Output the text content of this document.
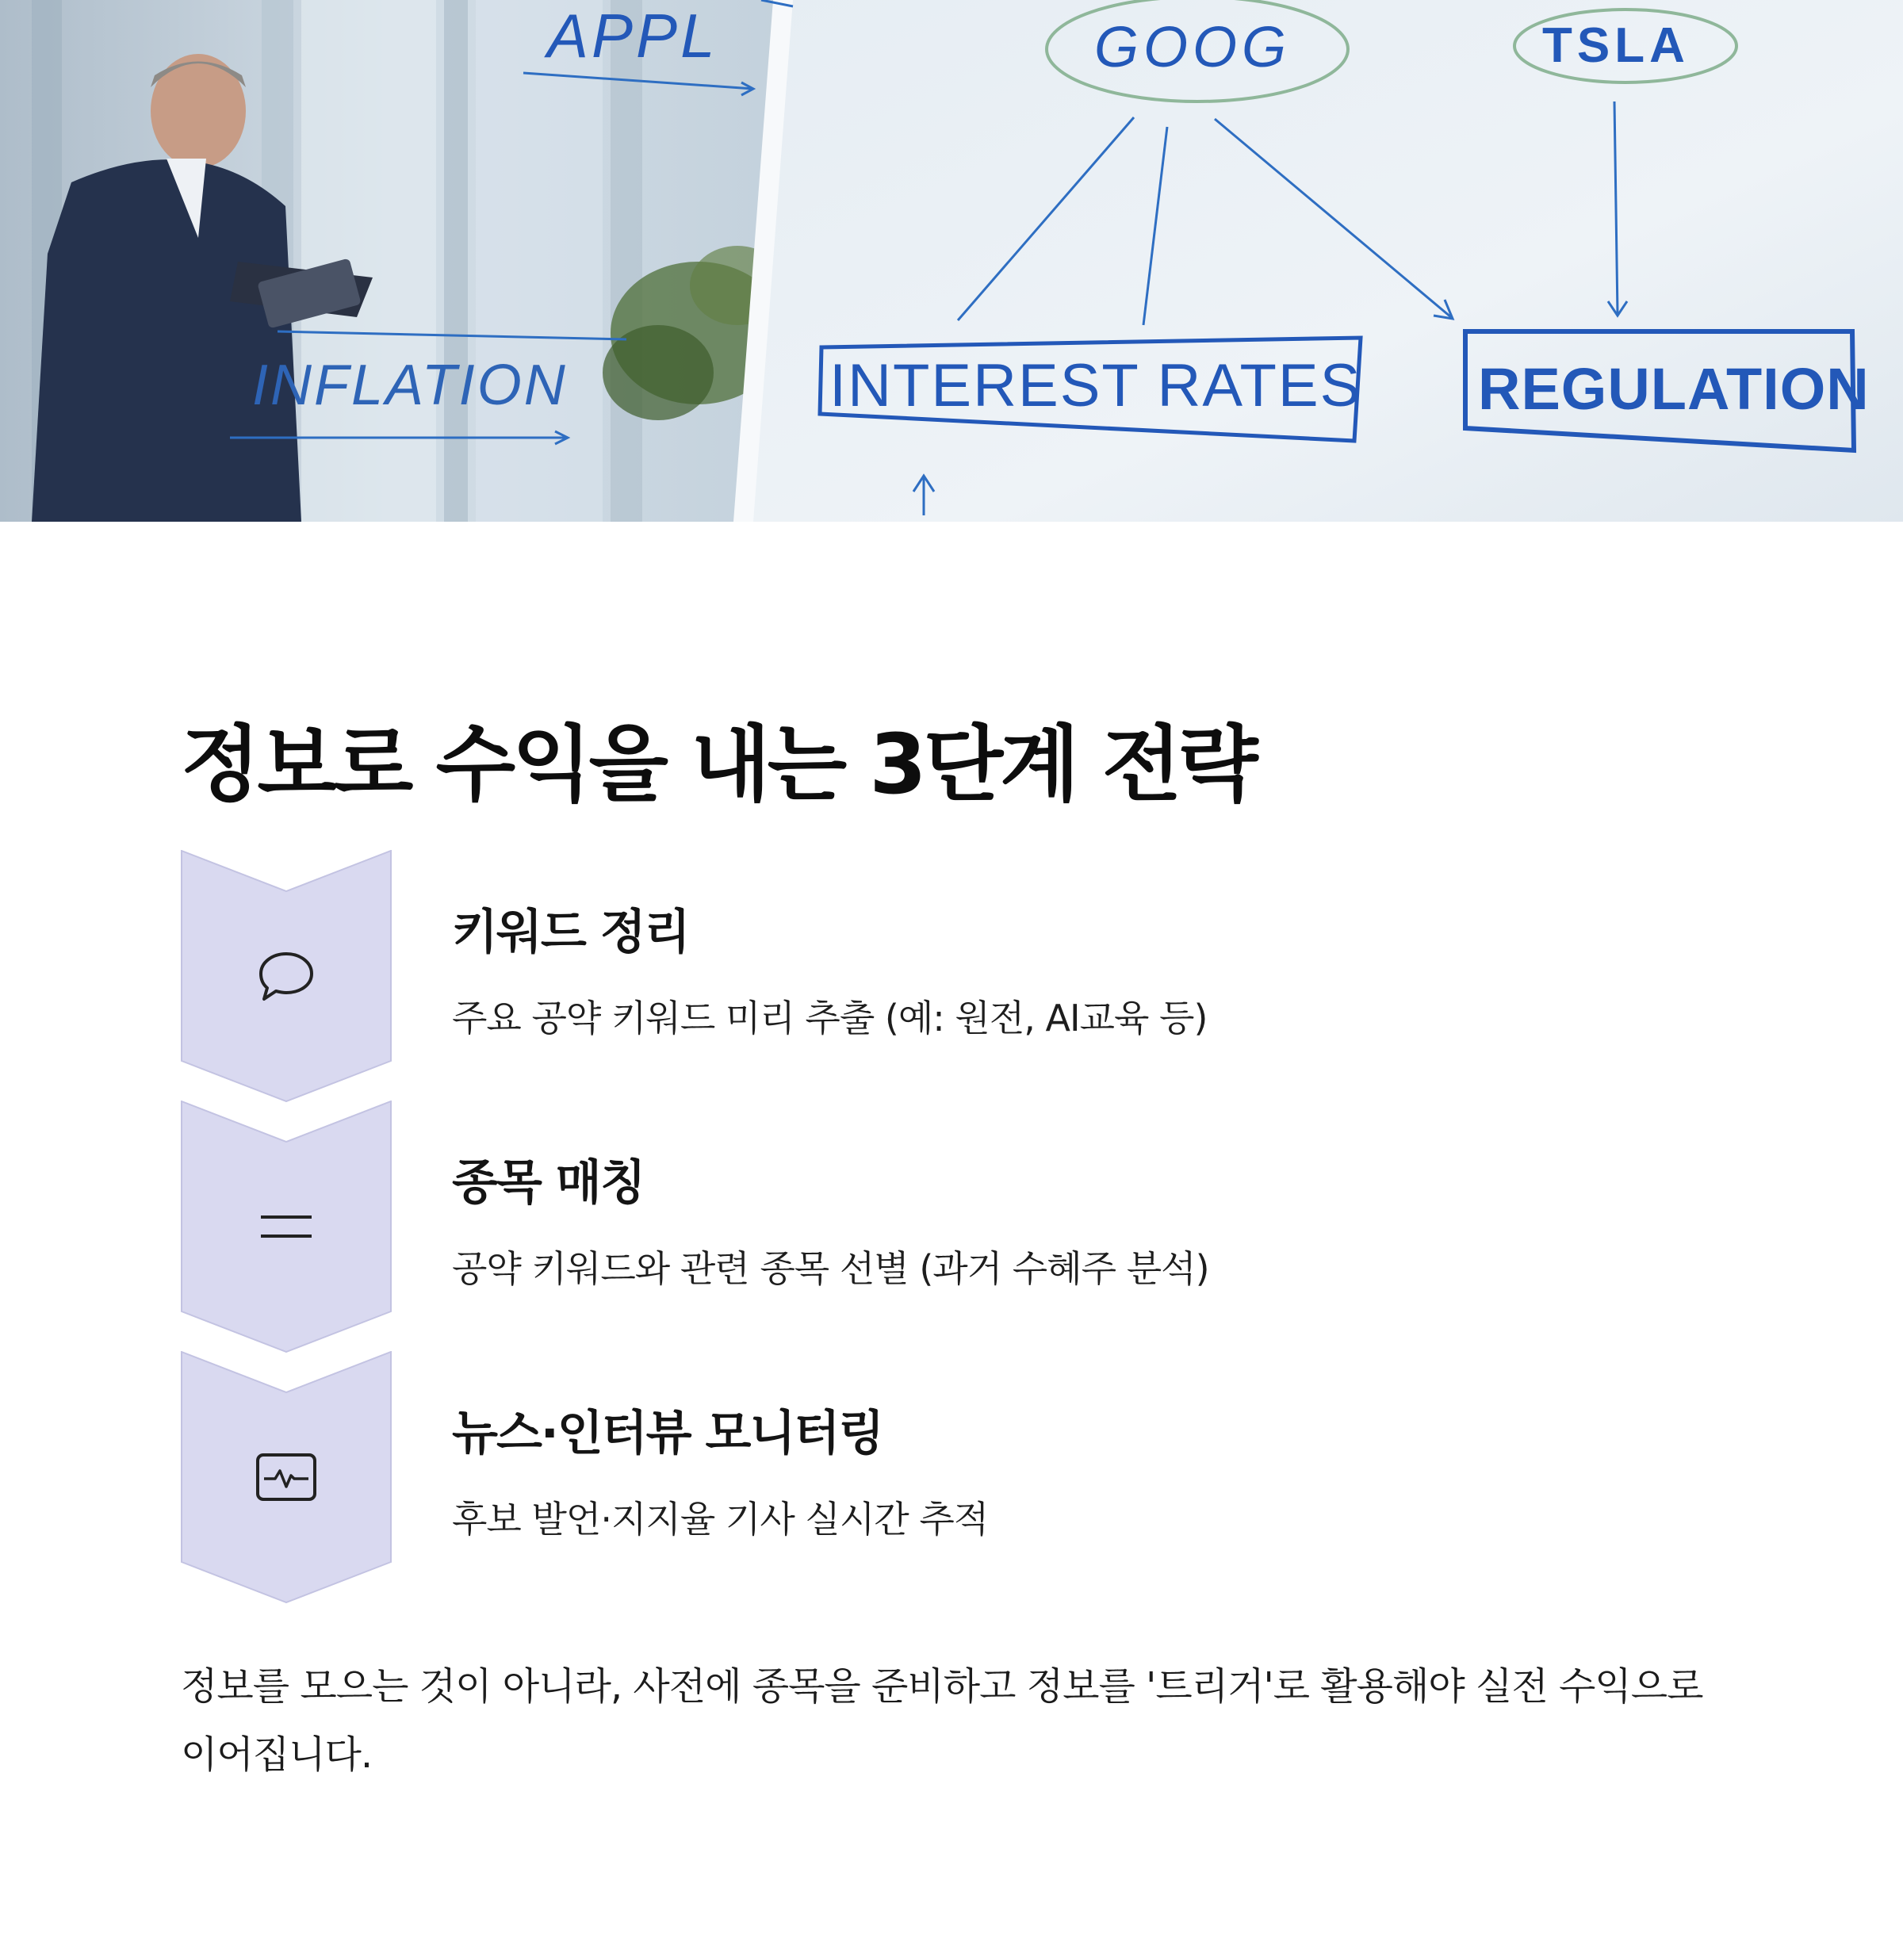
APPL	GOOG	TSLA
INFLATION	INTEREST RATES REGULATION
정보로 수익을 내는 3단계 전략
키워드 정리
주요 공약 키워드 미리 추출 (예: 원전, AI교육 등)
종목 매칭
공약 키워드와 관련 종목 선별 (과거 수혜주 분석)
뉴스·인터뷰 모니터링
후보 발언·지지율 기사 실시간 추적

정보를 모으는 것이 아니라, 사전에 종목을 준비하고 정보를 '트리거'로 활용해야 실전 수익으로 이어집니다.
